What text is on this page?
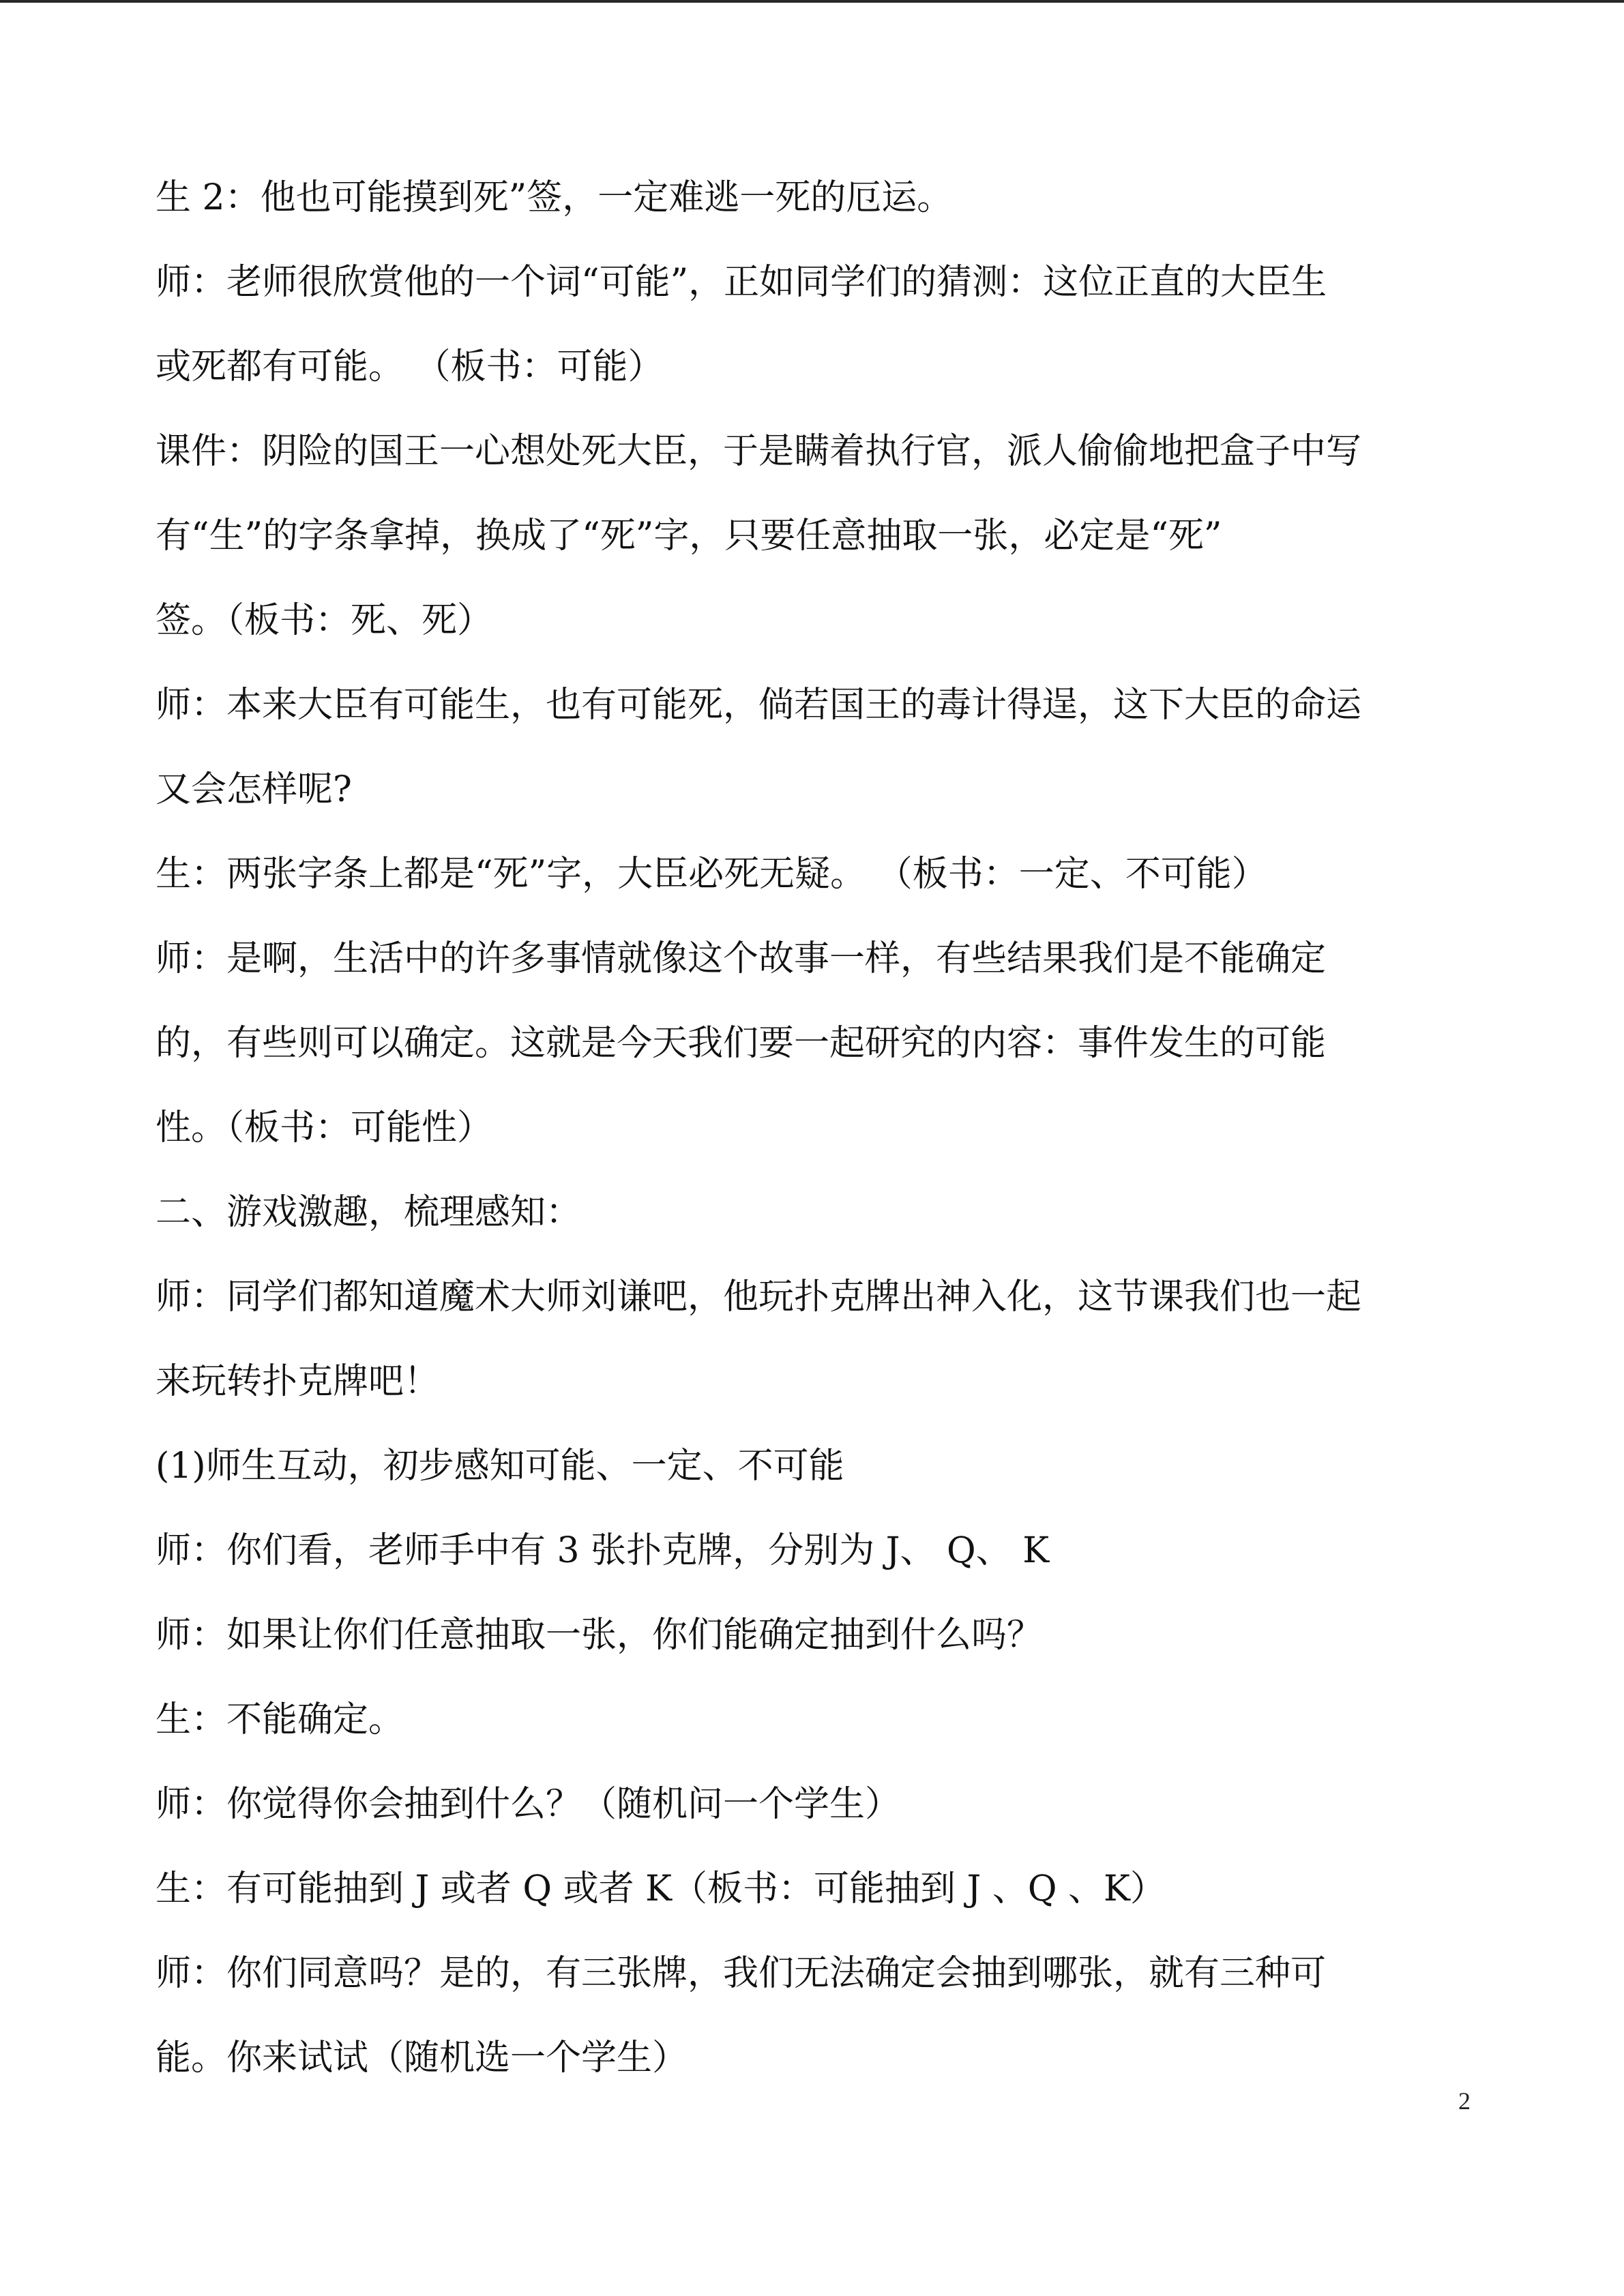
生 2：他也可能摸到死”签，一定难逃一死的厄运。
师：老师很欣赏他的一个词“可能”，正如同学们的猜测：这位正直的大臣生
或死都有可能。 （板书：可能）
课件：阴险的国王一心想处死大臣，于是瞒着执行官，派人偷偷地把盒子中写
有“生”的字条拿掉，换成了“死”字，只要任意抽取一张，必定是“死”
签。（板书：死、死）
师：本来大臣有可能生，也有可能死，倘若国王的毒计得逞，这下大臣的命运
又会怎样呢?
生：两张字条上都是“死”字，大臣必死无疑。 （板书：一定、不可能）
师：是啊，生活中的许多事情就像这个故事一样，有些结果我们是不能确定
的，有些则可以确定。这就是今天我们要一起研究的内容：事件发生的可能
性。（板书：可能性）
二、游戏激趣，梳理感知：
师：同学们都知道魔术大师刘谦吧，他玩扑克牌出神入化，这节课我们也一起
来玩转扑克牌吧！
(1)师生互动，初步感知可能、一定、不可能
师：你们看，老师手中有 3 张扑克牌，分别为 J、 Q、 K
师：如果让你们任意抽取一张，你们能确定抽到什么吗？
生：不能确定。
师：你觉得你会抽到什么？（随机问一个学生）
生：有可能抽到 J 或者 Q 或者 K（板书：可能抽到 J 、Q 、K）
师：你们同意吗？是的，有三张牌，我们无法确定会抽到哪张，就有三种可
能。你来试试（随机选一个学生）
2
